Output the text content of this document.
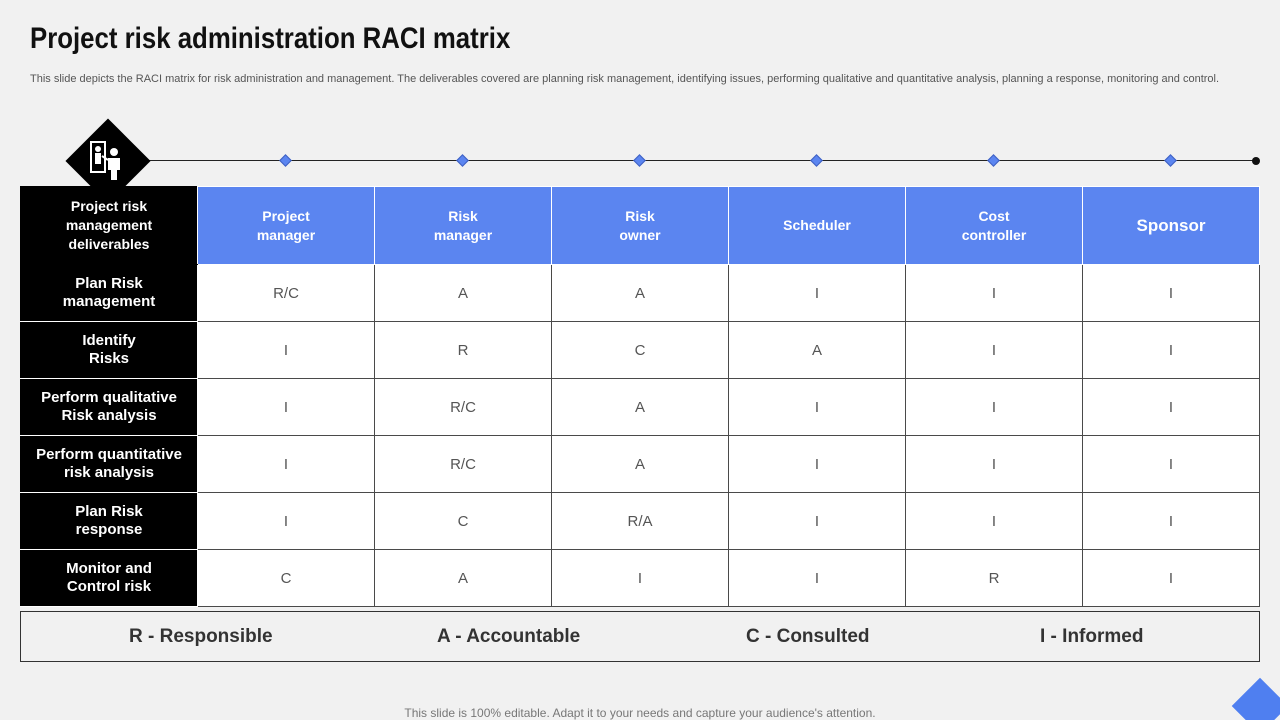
Project risk administration RACI matrix
This slide depicts the RACI matrix for risk administration and management. The deliverables covered are planning risk management, identifying issues, performing qualitative and quantitative analysis, planning a response, monitoring and control.
Project risk management deliverables	Project manager	Risk manager	Risk owner	Scheduler	Cost controller	Sponsor
Plan Risk management	R/C	A	A	I	I	I
Identify Risks	I	R	C	A	I	I
Perform qualitative Risk analysis	I	R/C	A	I	I	I
Perform quantitative risk analysis	I	R/C	A	I	I	I
Plan Risk response	I	C	R/A	I	I	I
Monitor and Control risk	C	A	I	I	R	I
R - Responsible	A - Accountable	C - Consulted	I - Informed
This slide is 100% editable. Adapt it to your needs and capture your audience's attention.
